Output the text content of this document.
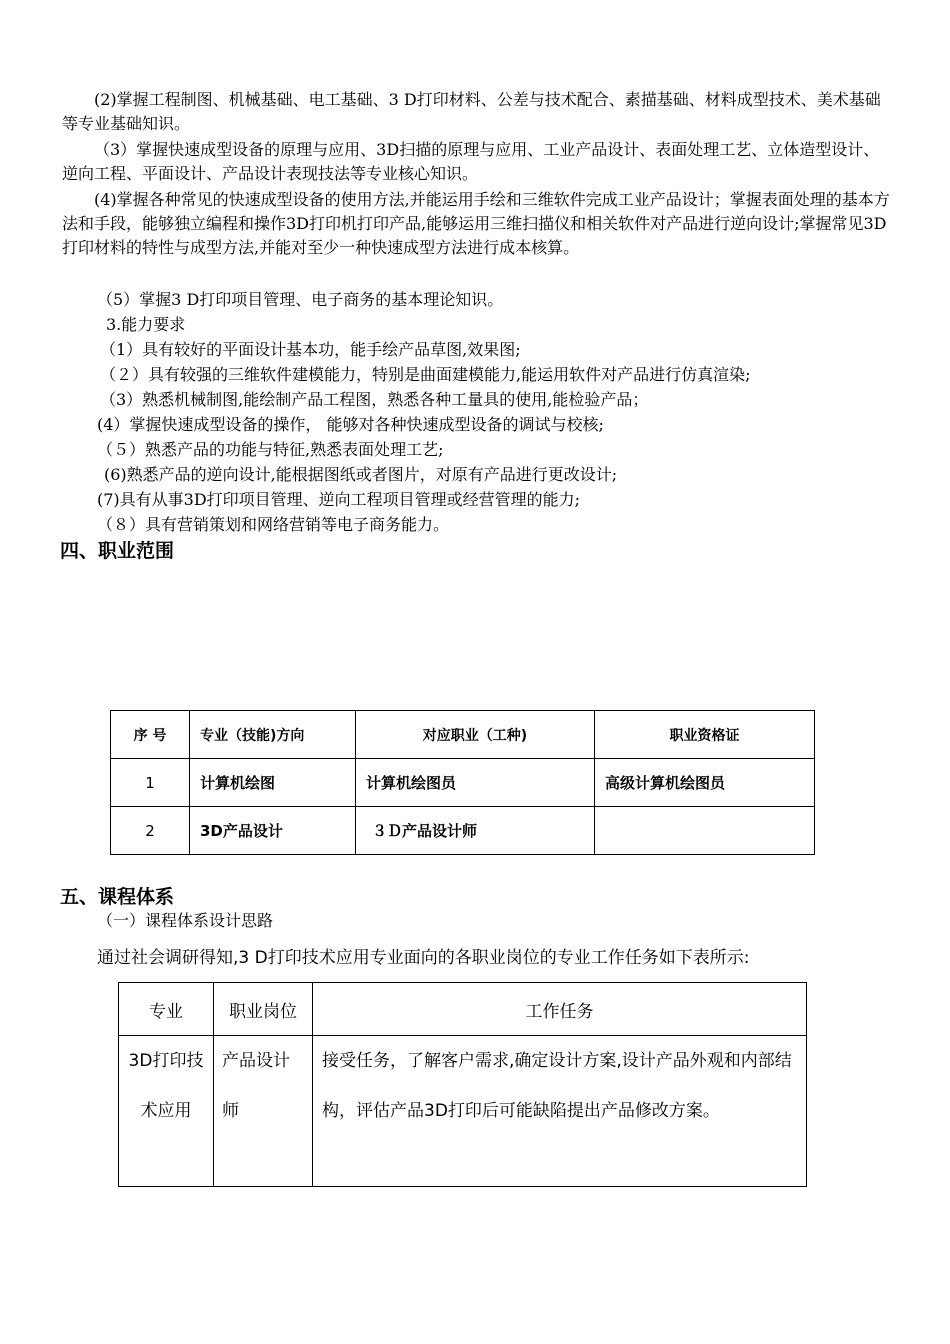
(2)掌握工程制图、机械基础、电工基础、3 D打印材料、公差与技术配合、素描基础、材料成型技术、美术基础等专业基础知识。
（3）掌握快速成型设备的原理与应用、3D扫描的原理与应用、工业产品设计、表面处理工艺、立体造型设计、逆向工程、平面设计、产品设计表现技法等专业核心知识。
(4)掌握各种常见的快速成型设备的使用方法,并能运用手绘和三维软件完成工业产品设计；掌握表面处理的基本方法和手段，能够独立编程和操作3D打印机打印产品,能够运用三维扫描仪和相关软件对产品进行逆向设计;掌握常见3D打印材料的特性与成型方法,并能对至少一种快速成型方法进行成本核算。
（5）掌握3 D打印项目管理、电子商务的基本理论知识。
3.能力要求
（1）具有较好的平面设计基本功，能手绘产品草图,效果图;
（２）具有较强的三维软件建模能力，特别是曲面建模能力,能运用软件对产品进行仿真渲染;
（3）熟悉机械制图,能绘制产品工程图，熟悉各种工量具的使用,能检验产品；
(4）掌握快速成型设备的操作， 能够对各种快速成型设备的调试与校核;
（５）熟悉产品的功能与特征,熟悉表面处理工艺;
(6)熟悉产品的逆向设计,能根据图纸或者图片，对原有产品进行更改设计;
(7)具有从事3D打印项目管理、逆向工程项目管理或经营管理的能力;
（８）具有营销策划和网络营销等电子商务能力。
四、职业范围
序 号	专业（技能)方向	对应职业（工种)	职业资格证
1	计算机绘图	计算机绘图员	高级计算机绘图员
2	3D产品设计	３Ｄ产品设计师	
五、课程体系
（一）课程体系设计思路
通过社会调研得知,3 D打印技术应用专业面向的各职业岗位的专业工作任务如下表所示:
专业	职业岗位	工作任务
3D打印技术应用	产品设计师	接受任务，了解客户需求,确定设计方案,设计产品外观和内部结构，评估产品3D打印后可能缺陷提出产品修改方案。
